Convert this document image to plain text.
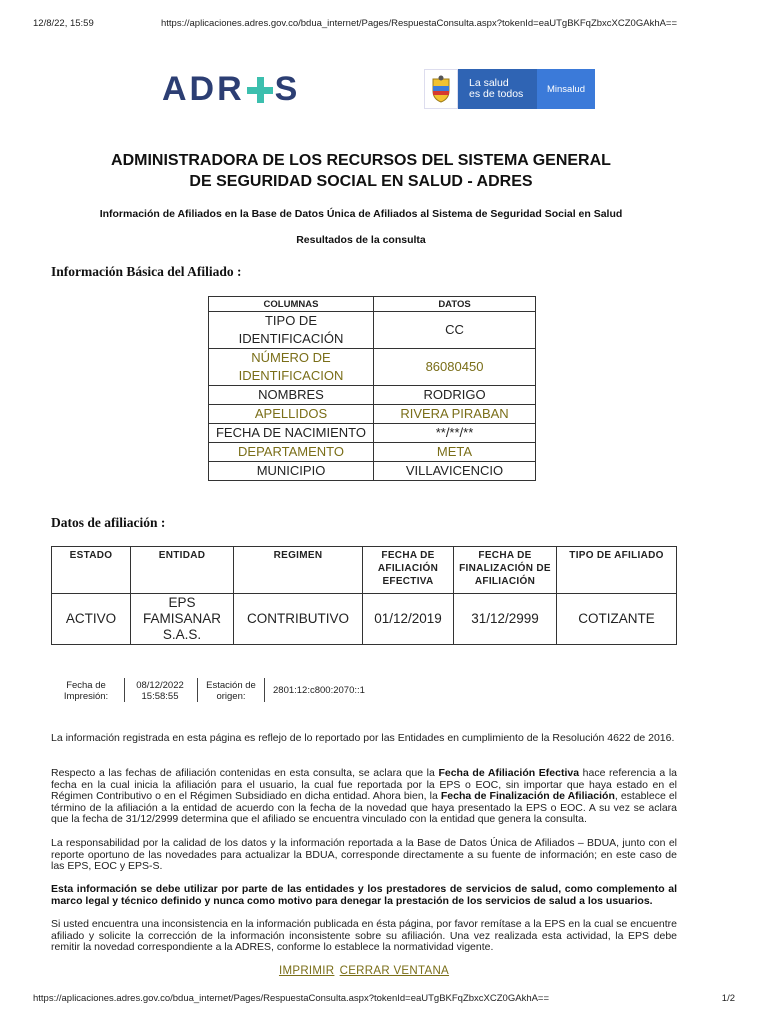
12/8/22, 15:59	https://aplicaciones.adres.gov.co/bdua_internet/Pages/RespuestaConsulta.aspx?tokenId=eaUTgBKFqZbxcXCZ0GAkhA==
ADR S	La salud
es de todos	Minsalud
ADMINISTRADORA DE LOS RECURSOS DEL SISTEMA GENERAL
DE SEGURIDAD SOCIAL EN SALUD - ADRES
Información de Afiliados en la Base de Datos Única de Afiliados al Sistema de Seguridad Social en Salud
Resultados de la consulta
Información Básica del Afiliado :
COLUMNAS	DATOS
TIPO DE IDENTIFICACIÓN	CC
NÚMERO DE IDENTIFICACION	86080450
NOMBRES	RODRIGO
APELLIDOS	RIVERA PIRABAN
FECHA DE NACIMIENTO	**/**/**
DEPARTAMENTO	META
MUNICIPIO	VILLAVICENCIO
Datos de afiliación :
ESTADO	ENTIDAD	REGIMEN	FECHA DE AFILIACIÓN EFECTIVA	FECHA DE FINALIZACIÓN DE AFILIACIÓN	TIPO DE AFILIADO
ACTIVO	EPS FAMISANAR S.A.S.	CONTRIBUTIVO	01/12/2019	31/12/2999	COTIZANTE
Fecha de
Impresión:
08/12/2022
15:58:55
Estación de
origen:
2801:12:c800:2070::1
La información registrada en esta página es reflejo de lo reportado por las Entidades en cumplimiento de la Resolución 4622 de 2016.
Respecto a las fechas de afiliación contenidas en esta consulta, se aclara que la Fecha de Afiliación Efectiva hace referencia a la fecha en la cual inicia la afiliación para el usuario, la cual fue reportada por la EPS o EOC, sin importar que haya estado en el Régimen Contributivo o en el Régimen Subsidiado en dicha entidad. Ahora bien, la Fecha de Finalización de Afiliación, establece el término de la afiliación a la entidad de acuerdo con la fecha de la novedad que haya presentado la EPS o EOC. A su vez se aclara que la fecha de 31/12/2999 determina que el afiliado se encuentra vinculado con la entidad que genera la consulta.
La responsabilidad por la calidad de los datos y la información reportada a la Base de Datos Única de Afiliados – BDUA, junto con el reporte oportuno de las novedades para actualizar la BDUA, corresponde directamente a su fuente de información; en este caso de las EPS, EOC y EPS-S.
Esta información se debe utilizar por parte de las entidades y los prestadores de servicios de salud, como complemento al marco legal y técnico definido y nunca como motivo para denegar la prestación de los servicios de salud a los usuarios.
Si usted encuentra una inconsistencia en la información publicada en ésta página, por favor remítase a la EPS en la cual se encuentre afiliado y solicite la corrección de la información inconsistente sobre su afiliación. Una vez realizada esta actividad, la EPS debe remitir la novedad correspondiente a la ADRES, conforme lo establece la normatividad vigente.
IMPRIMIR CERRAR VENTANA
https://aplicaciones.adres.gov.co/bdua_internet/Pages/RespuestaConsulta.aspx?tokenId=eaUTgBKFqZbxcXCZ0GAkhA==	1/2
